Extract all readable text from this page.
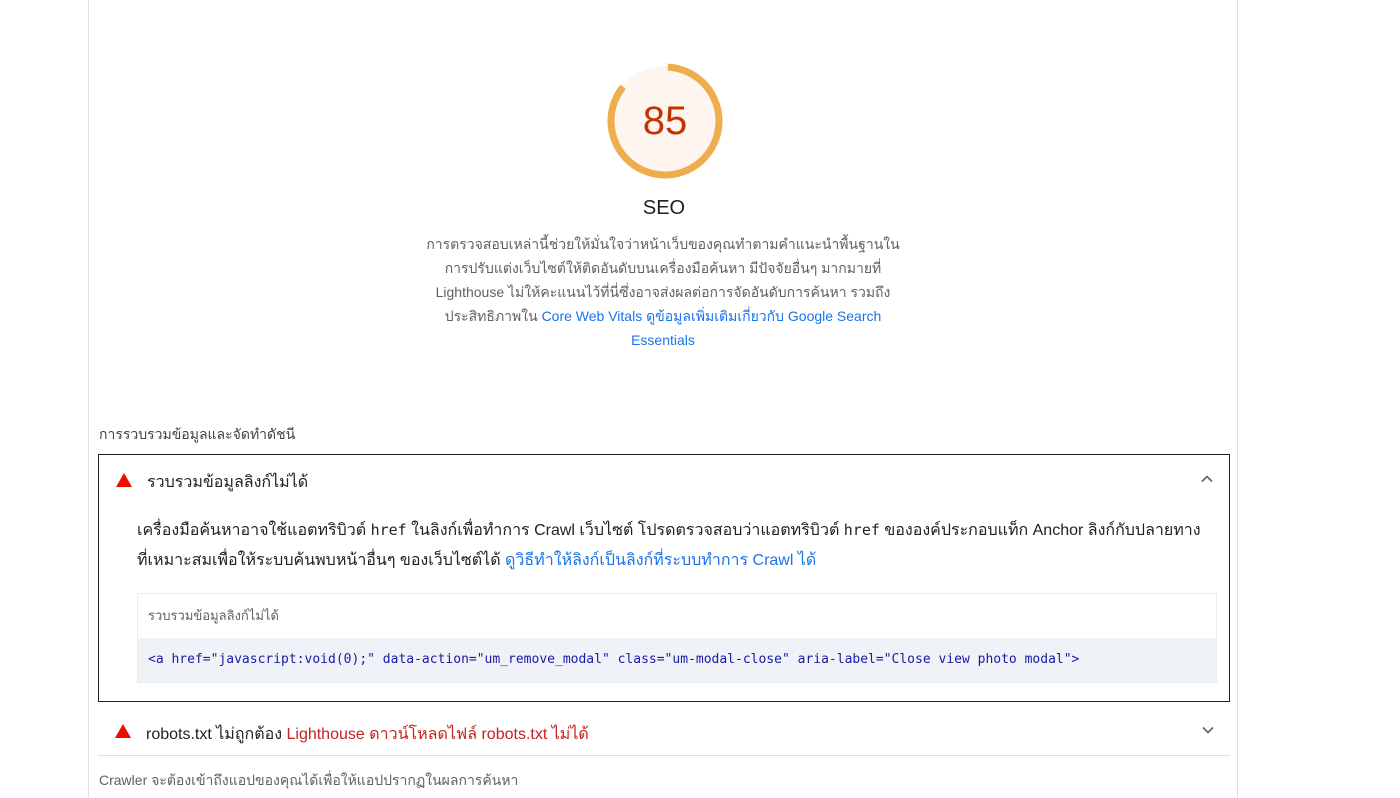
85
SEO
การตรวจสอบเหล่านี้ช่วยให้มั่นใจว่าหน้าเว็บของคุณทำตามคำแนะนำพื้นฐานในการปรับแต่งเว็บไซต์ให้ติดอันดับบนเครื่องมือค้นหา มีปัจจัยอื่นๆ มากมายที่ Lighthouse ไม่ให้คะแนนไว้ที่นี่ซึ่งอาจส่งผลต่อการจัดอันดับการค้นหา รวมถึงประสิทธิภาพใน Core Web Vitals ดูข้อมูลเพิ่มเติมเกี่ยวกับ Google Search Essentials
การรวบรวมข้อมูลและจัดทำดัชนี
รวบรวมข้อมูลลิงก์ไม่ได้
เครื่องมือค้นหาอาจใช้แอตทริบิวต์ href ในลิงก์เพื่อทำการ Crawl เว็บไซต์ โปรดตรวจสอบว่าแอตทริบิวต์ href ขององค์ประกอบแท็ก Anchor ลิงก์กับปลายทางที่เหมาะสมเพื่อให้ระบบค้นพบหน้าอื่นๆ ของเว็บไซต์ได้ ดูวิธีทำให้ลิงก์เป็นลิงก์ที่ระบบทำการ Crawl ได้
รวบรวมข้อมูลลิงก์ไม่ได้
<a href="javascript:void(0);" data-action="um_remove_modal" class="um-modal-close" aria-label="Close view photo modal">
robots.txt ไม่ถูกต้อง Lighthouse ดาวน์โหลดไฟล์ robots.txt ไม่ได้
Crawler จะต้องเข้าถึงแอปของคุณได้เพื่อให้แอปปรากฏในผลการค้นหา
